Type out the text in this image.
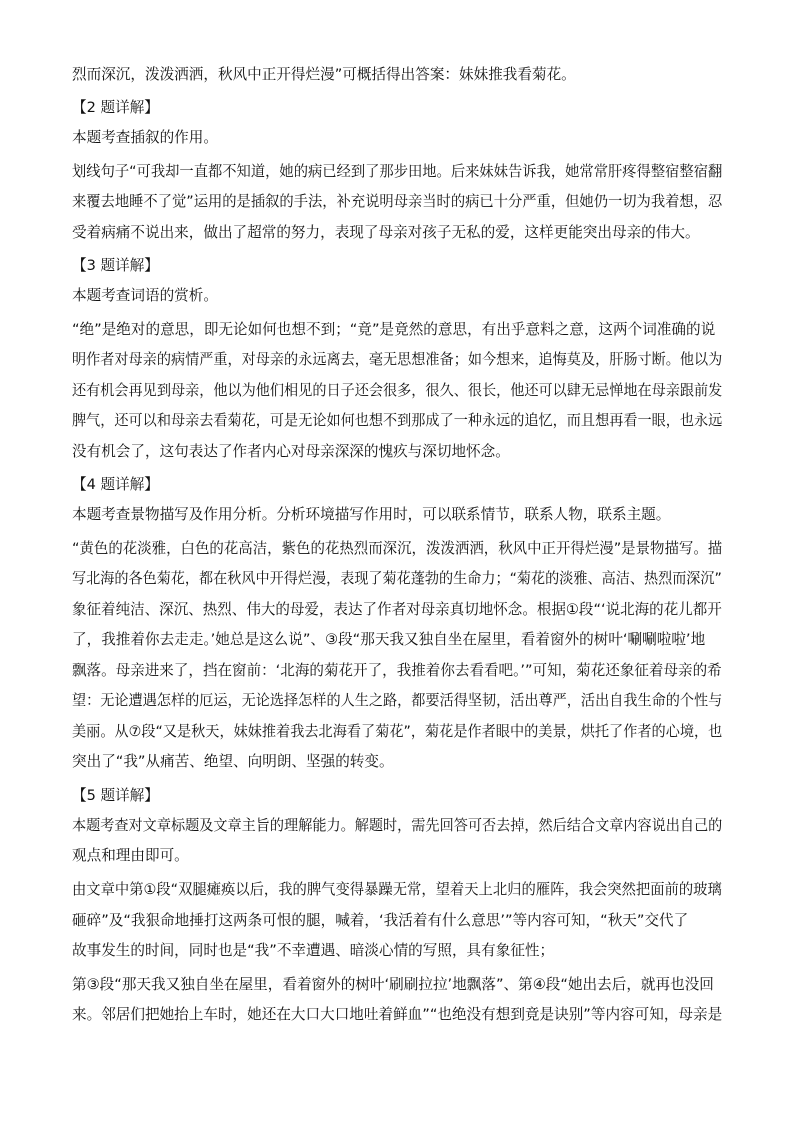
烈而深沉，泼泼洒洒，秋风中正开得烂漫”可概括得出答案：妹妹推我看菊花。
【2 题详解】
本题考查插叙的作用。
划线句子“可我却一直都不知道，她的病已经到了那步田地。后来妹妹告诉我，她常常肝疼得整宿整宿翻
来覆去地睡不了觉”运用的是插叙的手法，补充说明母亲当时的病已十分严重，但她仍一切为我着想，忍
受着病痛不说出来，做出了超常的努力，表现了母亲对孩子无私的爱，这样更能突出母亲的伟大。
【3 题详解】
本题考查词语的赏析。
“绝”是绝对的意思，即无论如何也想不到；“竟”是竟然的意思，有出乎意料之意，这两个词准确的说
明作者对母亲的病情严重，对母亲的永远离去，毫无思想准备；如今想来，追悔莫及，肝肠寸断。他以为
还有机会再见到母亲，他以为他们相见的日子还会很多，很久、很长，他还可以肆无忌惮地在母亲跟前发
脾气，还可以和母亲去看菊花，可是无论如何也想不到那成了一种永远的追忆，而且想再看一眼，也永远
没有机会了，这句表达了作者内心对母亲深深的愧疚与深切地怀念。
【4 题详解】
本题考查景物描写及作用分析。分析环境描写作用时，可以联系情节，联系人物，联系主题。
“黄色的花淡雅，白色的花高洁，紫色的花热烈而深沉，泼泼洒洒，秋风中正开得烂漫”是景物描写。描
写北海的各色菊花，都在秋风中开得烂漫，表现了菊花蓬勃的生命力；“菊花的淡雅、高洁、热烈而深沉”
象征着纯洁、深沉、热烈、伟大的母爱，表达了作者对母亲真切地怀念。根据①段“‘说北海的花儿都开
了，我推着你去走走。’她总是这么说”、③段“那天我又独自坐在屋里，看着窗外的树叶‘唰唰啦啦’地
飘落。母亲进来了，挡在窗前：‘北海的菊花开了，我推着你去看看吧。’”可知，菊花还象征着母亲的希
望：无论遭遇怎样的厄运，无论选择怎样的人生之路，都要活得坚韧，活出尊严，活出自我生命的个性与
美丽。从⑦段“又是秋天，妹妹推着我去北海看了菊花”，菊花是作者眼中的美景，烘托了作者的心境，也
突出了“我”从痛苦、绝望、向明朗、坚强的转变。
【5 题详解】
本题考查对文章标题及文章主旨的理解能力。解题时，需先回答可否去掉，然后结合文章内容说出自己的
观点和理由即可。
由文章中第①段“双腿瘫痪以后，我的脾气变得暴躁无常，望着天上北归的雁阵，我会突然把面前的玻璃
砸碎”及“我狠命地捶打这两条可恨的腿，喊着，‘我活着有什么意思’”等内容可知，“秋天”交代了
故事发生的时间，同时也是“我”不幸遭遇、暗淡心情的写照，具有象征性；
第③段“那天我又独自坐在屋里，看着窗外的树叶‘刷刷拉拉’地飘落”、第④段“她出去后，就再也没回
来。邻居们把她抬上车时，她还在大口大口地吐着鲜血”“也绝没有想到竟是诀别”等内容可知，母亲是
